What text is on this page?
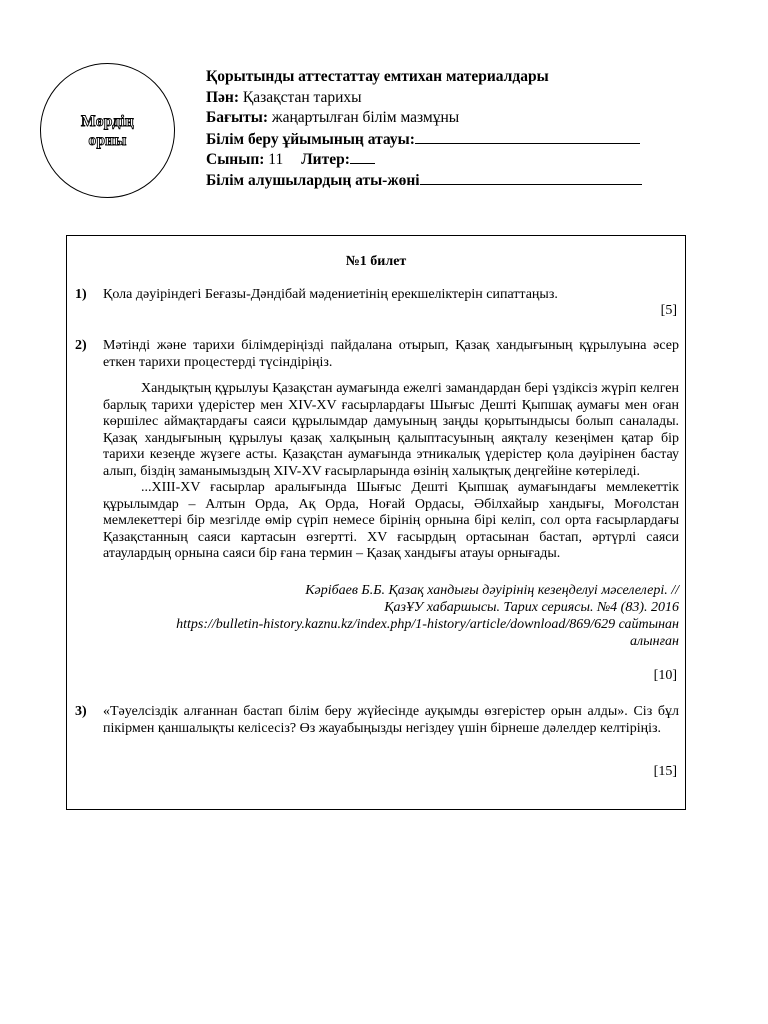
Мөрдің орны
Қорытынды аттестаттау емтихан материалдары
Пән: Қазақстан тарихы
Бағыты: жаңартылған білім мазмұны
Білім беру ұйымының атауы:
Сынып: 11 Литер:
Білім алушылардың аты-жөні
№1 билет
1) Қола дәуіріндегі Беғазы-Дәндібай мәдениетінің ерекшеліктерін сипаттаңыз.
[5]
2) Мәтінді және тарихи білімдеріңізді пайдалана отырып, Қазақ хандығының құрылуына әсер еткен тарихи процестерді түсіндіріңіз.

Хандықтың құрылуы Қазақстан аумағында ежелгі замандардан бері үздіксіз жүріп келген барлық тарихи үдерістер мен XIV-XV ғасырлардағы Шығыс Дешті Қыпшақ аумағы мен оған көршілес аймақтардағы саяси құрылымдар дамуының заңды қорытындысы болып саналады. Қазақ хандығының құрылуы қазақ халқының қалыптасуының аяқталу кезеңімен қатар бір тарихи кезеңде жүзеге асты. Қазақстан аумағында этникалық үдерістер қола дәуірінен бастау алып, біздің заманымыздың XIV-XV ғасырларында өзінің халықтық деңгейіне көтеріледі.

...XIII-XV ғасырлар аралығында Шығыс Дешті Қыпшақ аумағындағы мемлекеттік құрылымдар – Алтын Орда, Ақ Орда, Ноғай Ордасы, Әбілхайыр хандығы, Моғолстан мемлекеттері бір мезгілде өмір сүріп немесе бірінің орнына бірі келіп, сол орта ғасырлардағы Қазақстанның саяси картасын өзгертті. XV ғасырдың ортасынан бастап, әртүрлі саяси атаулардың орнына саяси бір ғана термин – Қазақ хандығы атауы орнығады.

Кәрібаев Б.Б. Қазақ хандығы дәуірінің кезеңделуі мәселелері. //
ҚазҰУ хабаршысы. Тарих сериясы. №4 (83). 2016
https://bulletin-history.kaznu.kz/index.php/1-history/article/download/869/629 сайтынан
алынған
[10]
3) «Тәуелсіздік алғаннан бастап білім беру жүйесінде ауқымды өзгерістер орын алды». Сіз бұл пікірмен қаншалықты келісесіз? Өз жауабыңызды негіздеу үшін бірнеше дәлелдер келтіріңіз.
[15]
